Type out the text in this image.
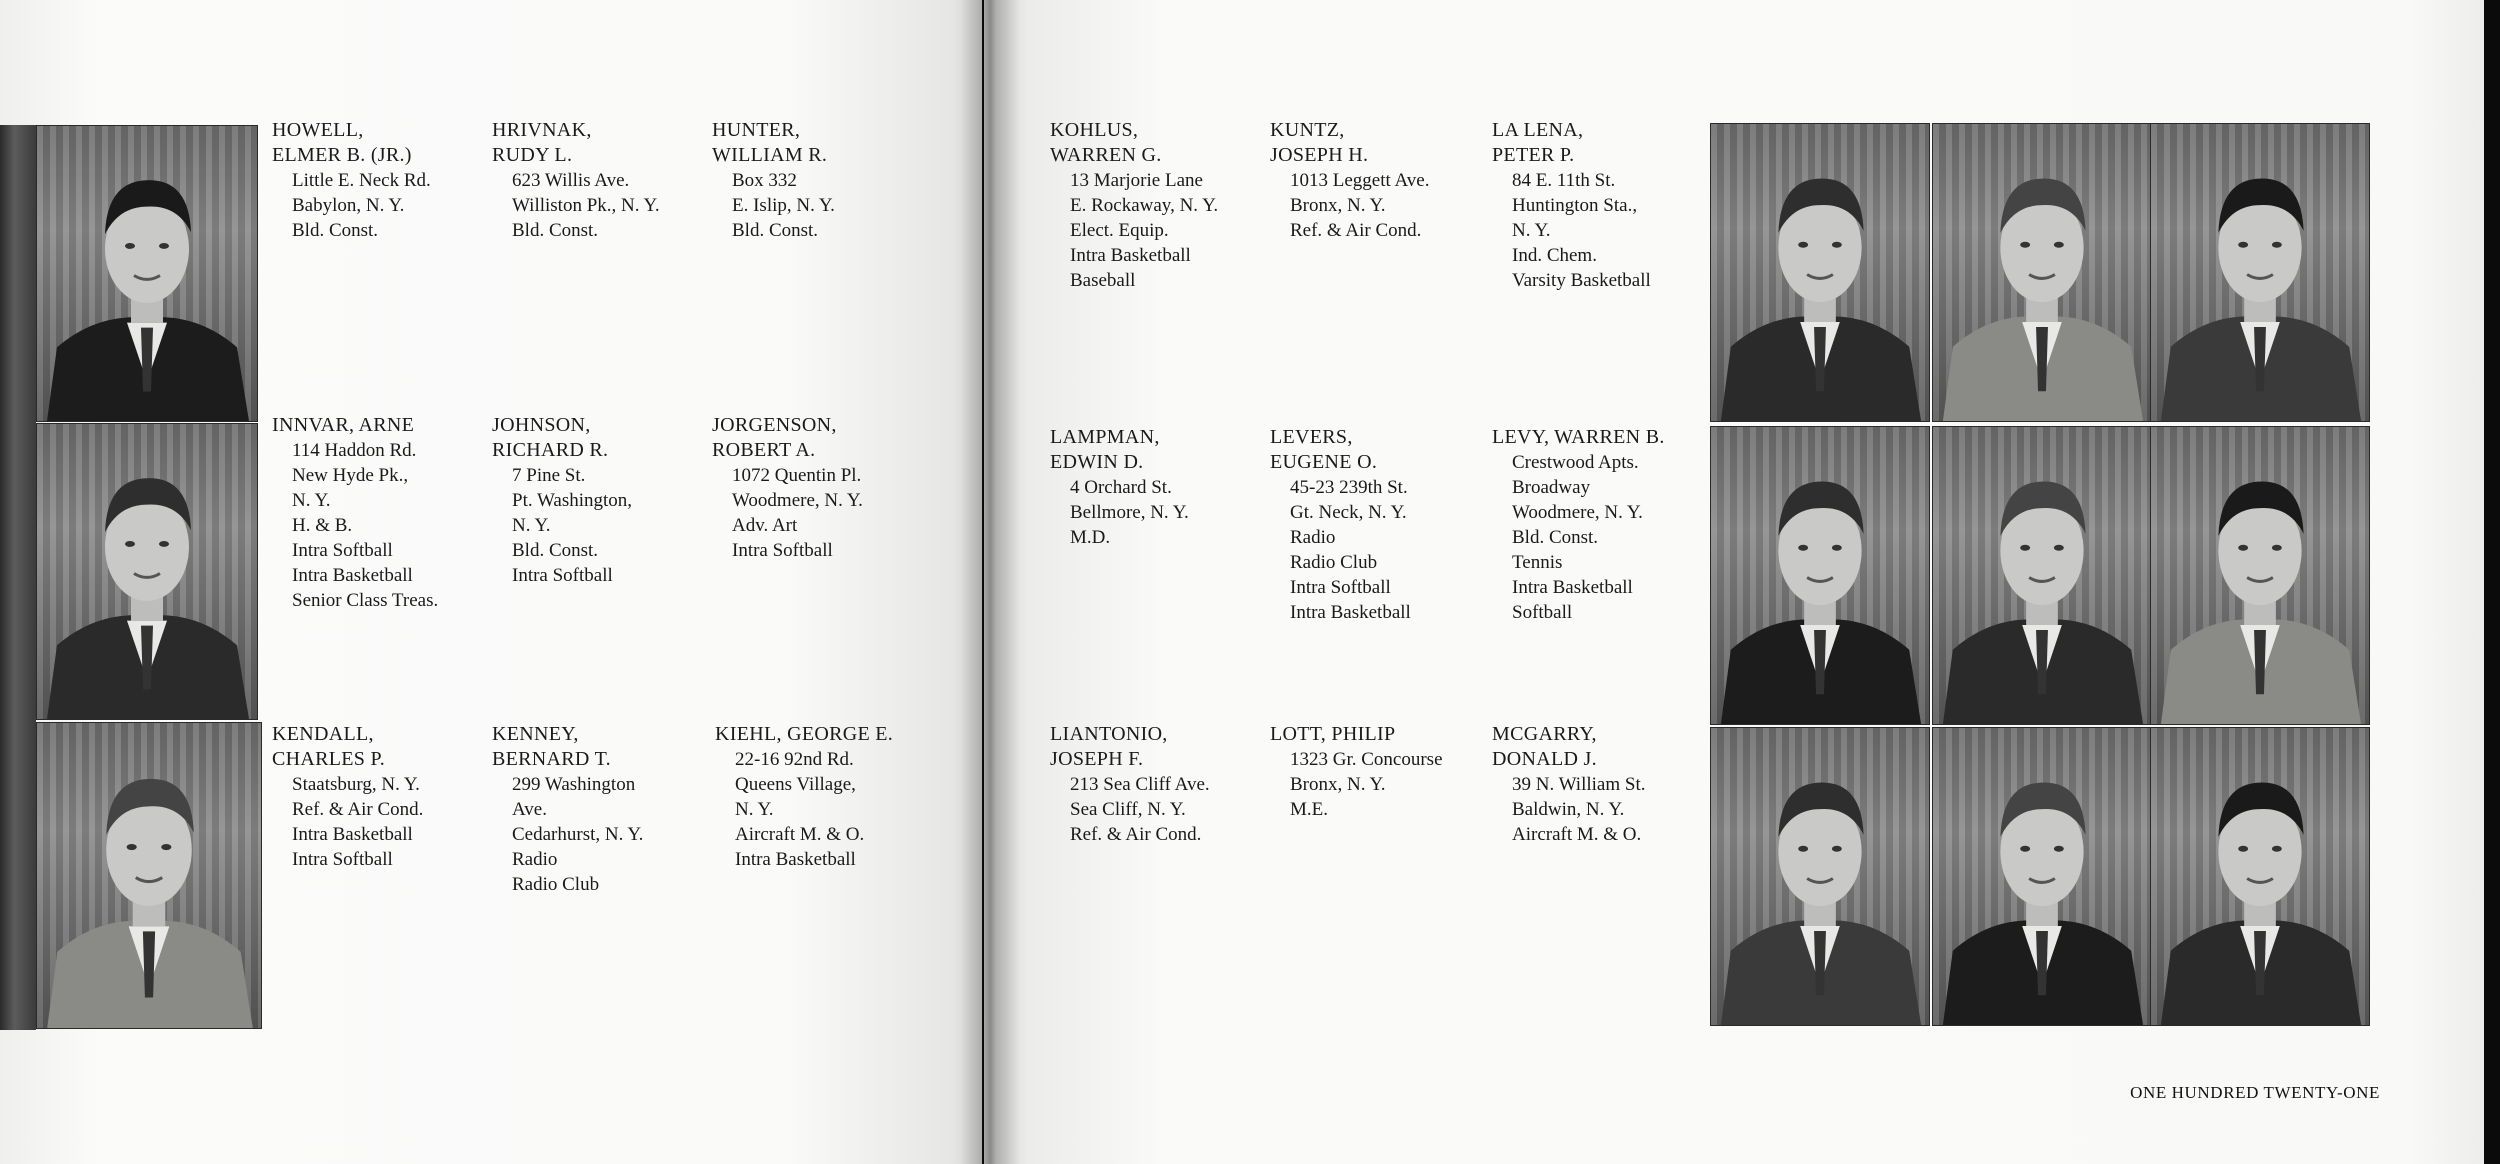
HOWELL,
ELMER B. (JR.)
Little E. Neck Rd.
Babylon, N. Y.
Bld. Const.
HRIVNAK,
RUDY L.
623 Willis Ave.
Williston Pk., N. Y.
Bld. Const.
HUNTER,
WILLIAM R.
Box 332
E. Islip, N. Y.
Bld. Const.
INNVAR, ARNE
114 Haddon Rd.
New Hyde Pk.,
N. Y.
H. & B.
Intra Softball
Intra Basketball
Senior Class Treas.
JOHNSON,
RICHARD R.
7 Pine St.
Pt. Washington,
N. Y.
Bld. Const.
Intra Softball
JORGENSON,
ROBERT A.
1072 Quentin Pl.
Woodmere, N. Y.
Adv. Art
Intra Softball
KENDALL,
CHARLES P.
Staatsburg, N. Y.
Ref. & Air Cond.
Intra Basketball
Intra Softball
KENNEY,
BERNARD T.
299 Washington
Ave.
Cedarhurst, N. Y.
Radio
Radio Club
KIEHL, GEORGE E.
22-16 92nd Rd.
Queens Village,
N. Y.
Aircraft M. & O.
Intra Basketball
KOHLUS,
WARREN G.
13 Marjorie Lane
E. Rockaway, N. Y.
Elect. Equip.
Intra Basketball
Baseball
KUNTZ,
JOSEPH H.
1013 Leggett Ave.
Bronx, N. Y.
Ref. & Air Cond.
LA LENA,
PETER P.
84 E. 11th St.
Huntington Sta.,
N. Y.
Ind. Chem.
Varsity Basketball
LAMPMAN,
EDWIN D.
4 Orchard St.
Bellmore, N. Y.
M.D.
LEVERS,
EUGENE O.
45-23 239th St.
Gt. Neck, N. Y.
Radio
Radio Club
Intra Softball
Intra Basketball
LEVY, WARREN B.
Crestwood Apts.
Broadway
Woodmere, N. Y.
Bld. Const.
Tennis
Intra Basketball
Softball
LIANTONIO,
JOSEPH F.
213 Sea Cliff Ave.
Sea Cliff, N. Y.
Ref. & Air Cond.
LOTT, PHILIP
1323 Gr. Concourse
Bronx, N. Y.
M.E.
MCGARRY,
DONALD J.
39 N. William St.
Baldwin, N. Y.
Aircraft M. & O.
ONE HUNDRED TWENTY-ONE
